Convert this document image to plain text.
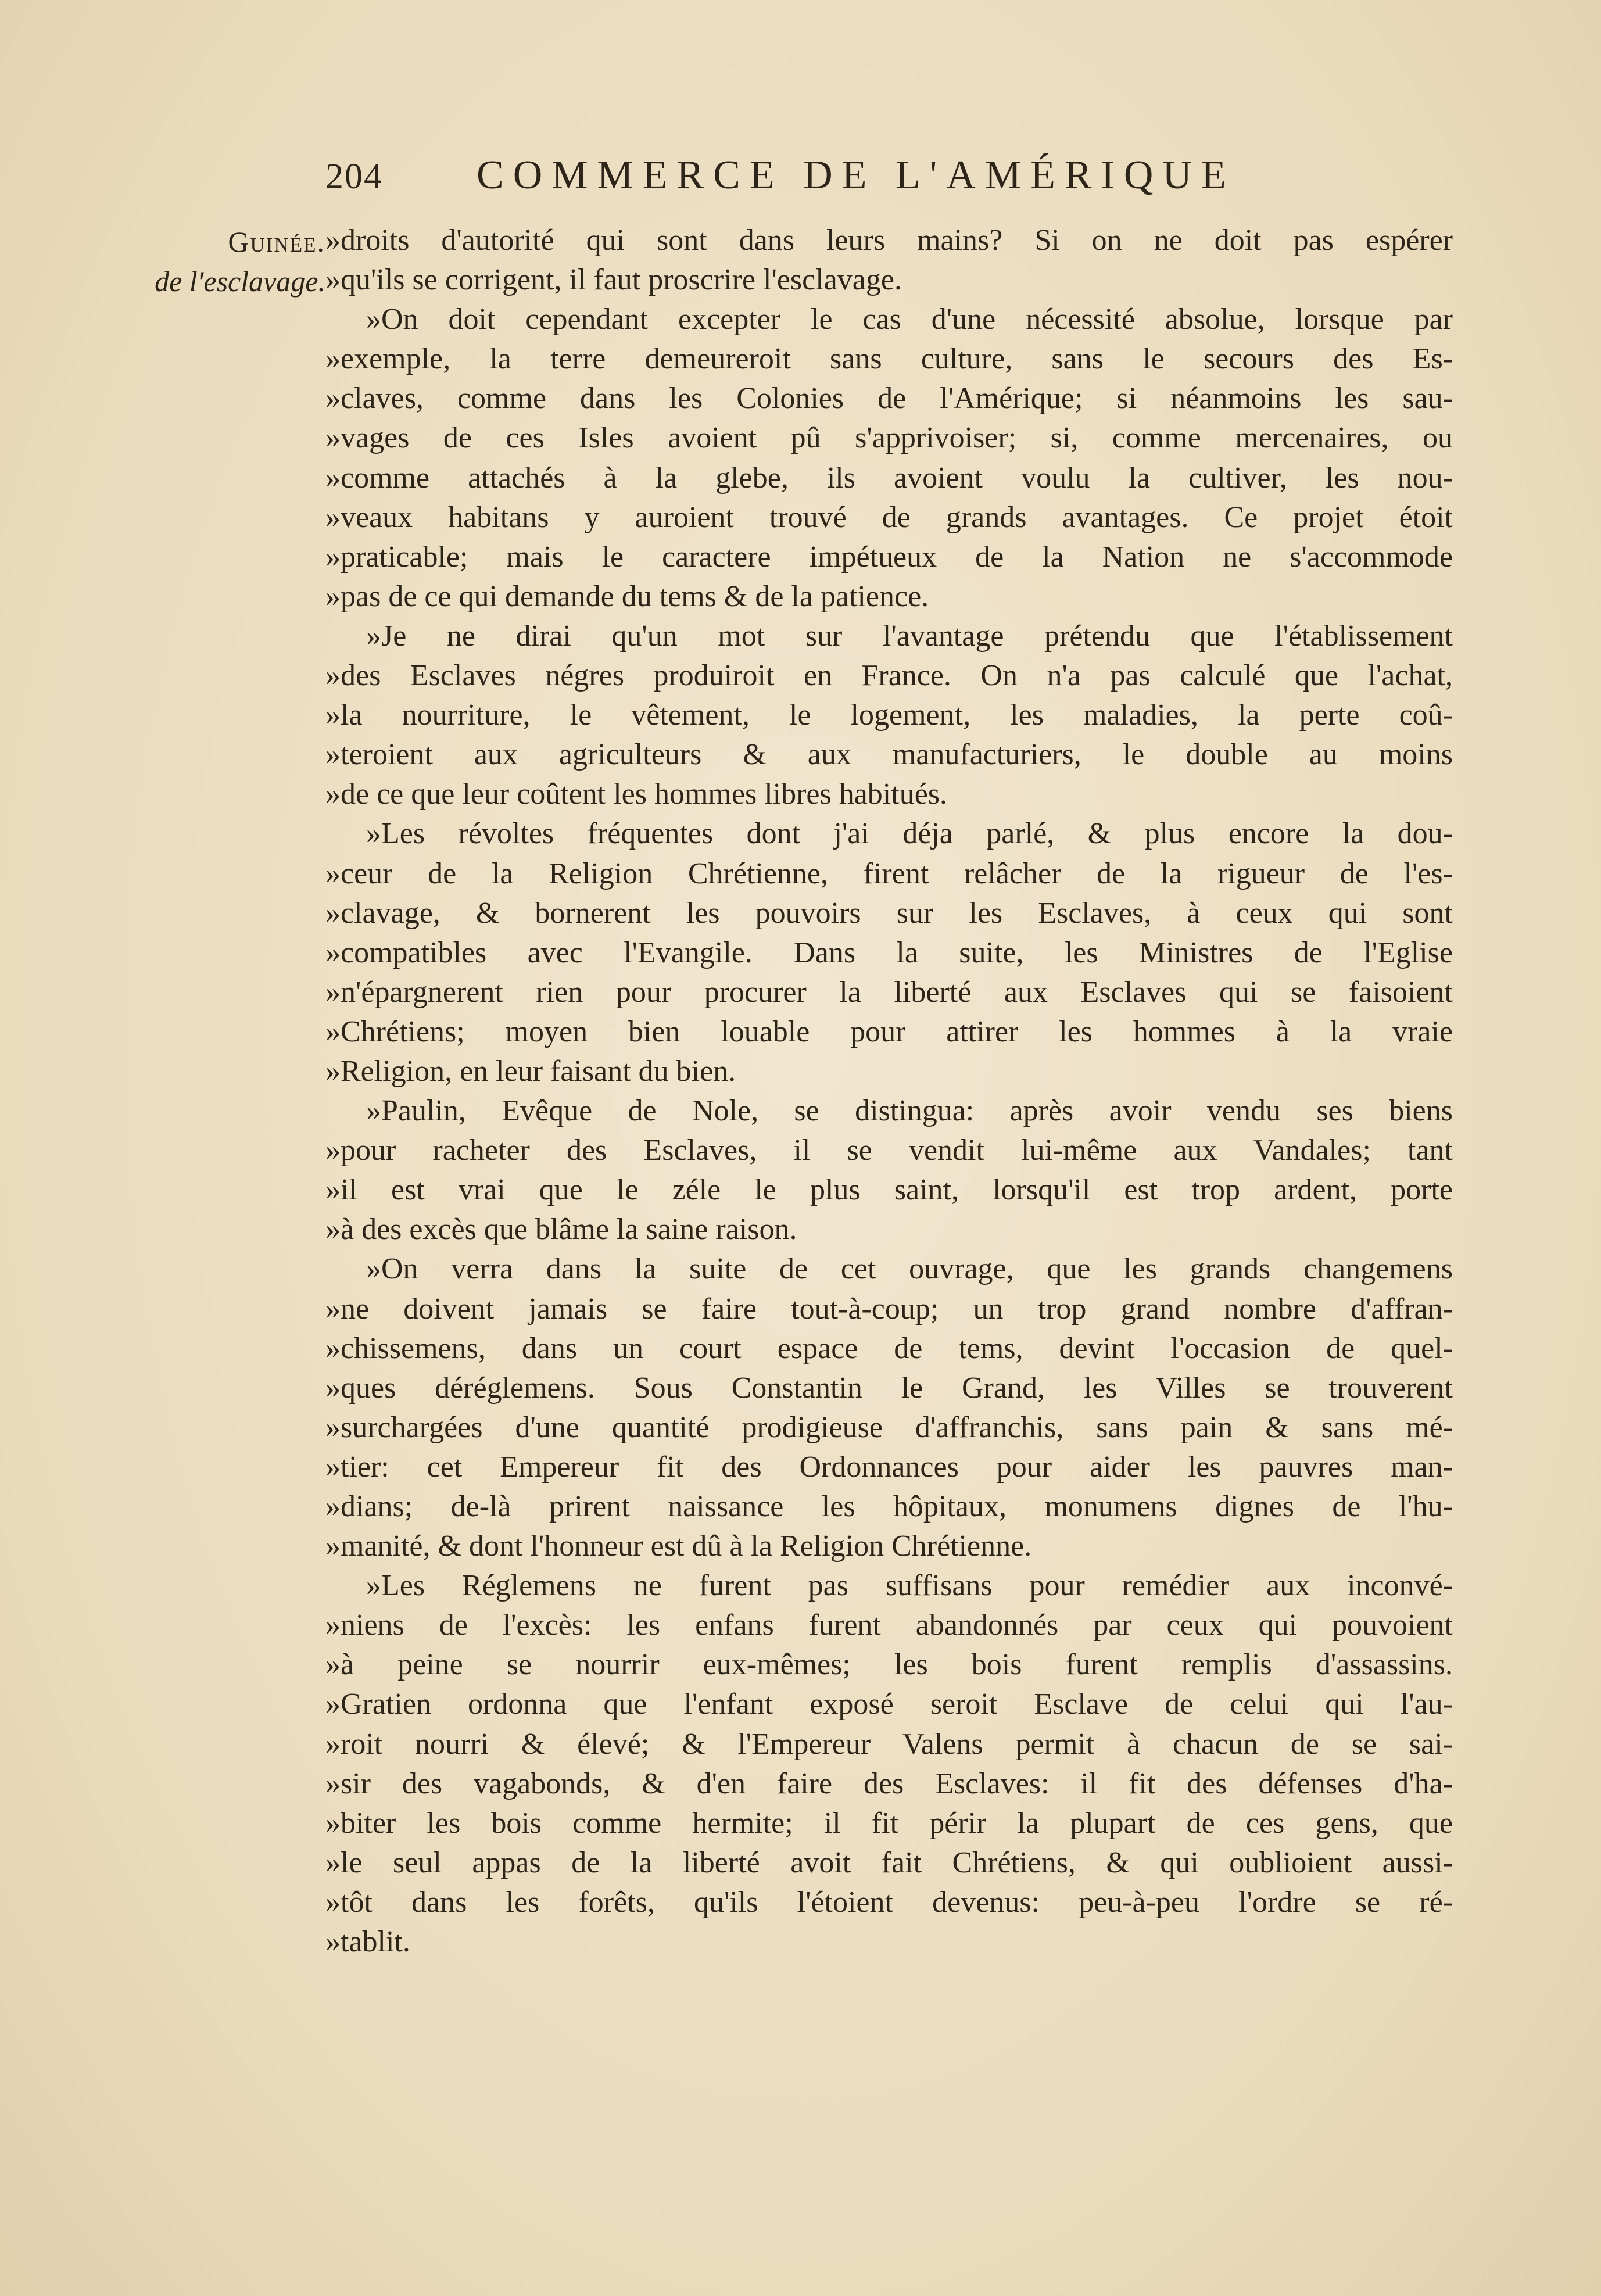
204	COMMERCE DE L'AMÉRIQUE
Guinée.
de l'esclavage.
»droits d'autorité qui sont dans leurs mains? Si on ne doit pas espérer
»qu'ils se corrigent, il faut proscrire l'esclavage.
»On doit cependant excepter le cas d'une nécessité absolue, lorsque par
»exemple, la terre demeureroit sans culture, sans le secours des Es-
»claves, comme dans les Colonies de l'Amérique; si néanmoins les sau-
»vages de ces Isles avoient pû s'apprivoiser; si, comme mercenaires, ou
»comme attachés à la glebe, ils avoient voulu la cultiver, les nou-
»veaux habitans y auroient trouvé de grands avantages. Ce projet étoit
»praticable; mais le caractere impétueux de la Nation ne s'accommode
»pas de ce qui demande du tems & de la patience.
»Je ne dirai qu'un mot sur l'avantage prétendu que l'établissement
»des Esclaves négres produiroit en France. On n'a pas calculé que l'achat,
»la nourriture, le vêtement, le logement, les maladies, la perte coû-
»teroient aux agriculteurs & aux manufacturiers, le double au moins
»de ce que leur coûtent les hommes libres habitués.
»Les révoltes fréquentes dont j'ai déja parlé, & plus encore la dou-
»ceur de la Religion Chrétienne, firent relâcher de la rigueur de l'es-
»clavage, & bornerent les pouvoirs sur les Esclaves, à ceux qui sont
»compatibles avec l'Evangile. Dans la suite, les Ministres de l'Eglise
»n'épargnerent rien pour procurer la liberté aux Esclaves qui se faisoient
»Chrétiens; moyen bien louable pour attirer les hommes à la vraie
»Religion, en leur faisant du bien.
»Paulin, Evêque de Nole, se distingua: après avoir vendu ses biens
»pour racheter des Esclaves, il se vendit lui-même aux Vandales; tant
»il est vrai que le zéle le plus saint, lorsqu'il est trop ardent, porte
»à des excès que blâme la saine raison.
»On verra dans la suite de cet ouvrage, que les grands changemens
»ne doivent jamais se faire tout-à-coup; un trop grand nombre d'affran-
»chissemens, dans un court espace de tems, devint l'occasion de quel-
»ques déréglemens. Sous Constantin le Grand, les Villes se trouverent
»surchargées d'une quantité prodigieuse d'affranchis, sans pain & sans mé-
»tier: cet Empereur fit des Ordonnances pour aider les pauvres man-
»dians; de-là prirent naissance les hôpitaux, monumens dignes de l'hu-
»manité, & dont l'honneur est dû à la Religion Chrétienne.
»Les Réglemens ne furent pas suffisans pour remédier aux inconvé-
»niens de l'excès: les enfans furent abandonnés par ceux qui pouvoient
»à peine se nourrir eux-mêmes; les bois furent remplis d'assassins.
»Gratien ordonna que l'enfant exposé seroit Esclave de celui qui l'au-
»roit nourri & élevé; & l'Empereur Valens permit à chacun de se sai-
»sir des vagabonds, & d'en faire des Esclaves: il fit des défenses d'ha-
»biter les bois comme hermite; il fit périr la plupart de ces gens, que
»le seul appas de la liberté avoit fait Chrétiens, & qui oublioient aussi-
»tôt dans les forêts, qu'ils l'étoient devenus: peu-à-peu l'ordre se ré-
»tablit.
